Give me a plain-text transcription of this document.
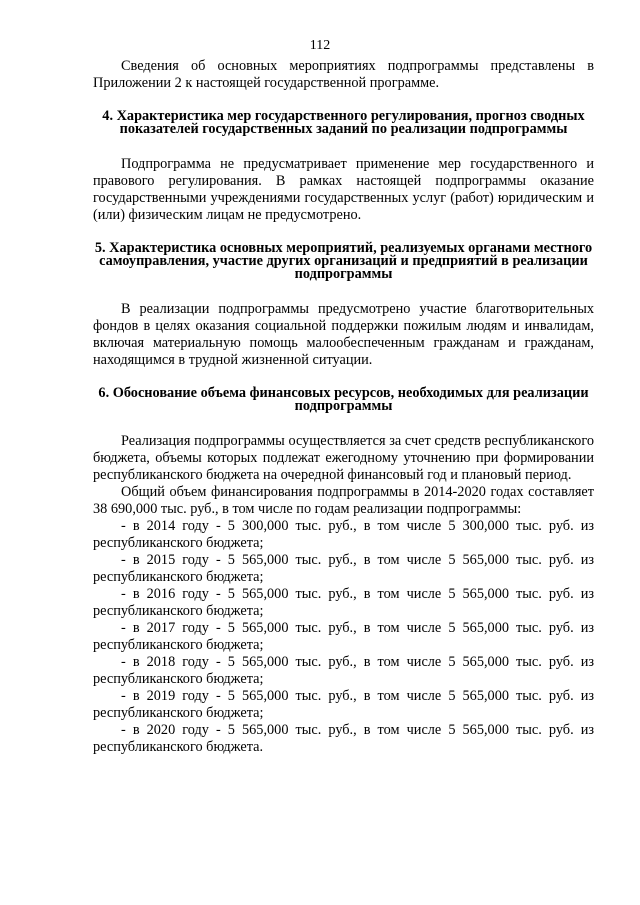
112

Сведения об основных мероприятиях подпрограммы представлены в Приложении 2 к настоящей государственной программе.

4. Характеристика мер государственного регулирования, прогноз сводных показателей государственных заданий по реализации подпрограммы

Подпрограмма не предусматривает применение мер государственного и правового регулирования. В рамках настоящей подпрограммы оказание государственными учреждениями государственных услуг (работ) юридическим и (или) физическим лицам не предусмотрено.

5. Характеристика основных мероприятий, реализуемых органами местного самоуправления, участие других организаций и предприятий в реализации подпрограммы

В реализации подпрограммы предусмотрено участие благотворительных фондов в целях оказания социальной поддержки пожилым людям и инвалидам, включая материальную помощь малообеспеченным гражданам и гражданам, находящимся в трудной жизненной ситуации.

6. Обоснование объема финансовых ресурсов, необходимых для реализации подпрограммы

Реализация подпрограммы осуществляется за счет средств республиканского бюджета, объемы которых подлежат ежегодному уточнению при формировании республиканского бюджета на очередной финансовый год и плановый период.

Общий объем финансирования подпрограммы в 2014-2020 годах составляет 38 690,000 тыс. руб., в том числе по годам реализации подпрограммы:

- в 2014 году - 5 300,000 тыс. руб., в том числе 5 300,000 тыс. руб. из республиканского бюджета;

- в 2015 году - 5 565,000 тыс. руб., в том числе 5 565,000 тыс. руб. из республиканского бюджета;

- в 2016 году - 5 565,000 тыс. руб., в том числе 5 565,000 тыс. руб. из республиканского бюджета;

- в 2017 году - 5 565,000 тыс. руб., в том числе 5 565,000 тыс. руб. из республиканского бюджета;

- в 2018 году - 5 565,000 тыс. руб., в том числе 5 565,000 тыс. руб. из республиканского бюджета;

- в 2019 году - 5 565,000 тыс. руб., в том числе 5 565,000 тыс. руб. из республиканского бюджета;

- в 2020 году - 5 565,000 тыс. руб., в том числе 5 565,000 тыс. руб. из республиканского бюджета.
